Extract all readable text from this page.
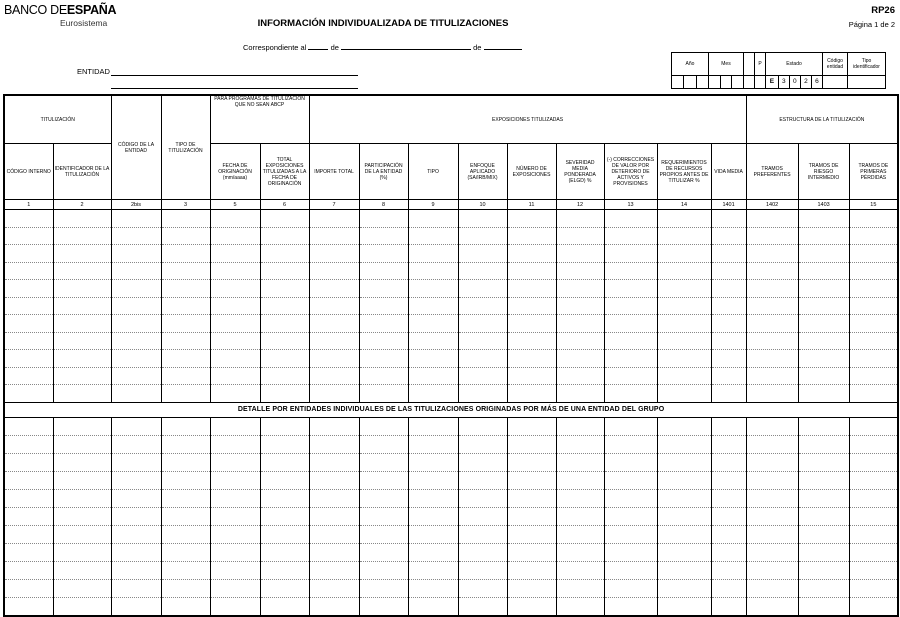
BANCO DEESPAÑA
Eurosistema	INFORMACIÓN INDIVIDUALIZADA DE TITULIZACIONES
RP26
Página 1 de 2
Correspondiente al	de	de
ENTIDAD
Año			Mes				P	Estado					Código entidad	Tipo identificador
								E	3	0	2	6		
TITULIZACIÓN		CÓDIGO DE LA ENTIDAD	TIPO DE TITULIZACIÓN	PARA PROGRAMAS DE TITULIZACIÓN QUE NO SEAN ABCP		EXPOSICIONES TITULIZADAS									ESTRUCTURA DE LA TITULIZACIÓN		
CÓDIGO INTERNO	IDENTIFICADOR DE LA TITULIZACIÓN			FECHA DE ORIGINACIÓN (mm/aaaa)	TOTAL EXPOSICIONES TITULIZADAS A LA FECHA DE ORIGINACIÓN	IMPORTE TOTAL	PARTICIPACIÓN DE LA ENTIDAD (%)	TIPO	ENFOQUE APLICADO (SA/IRB/MIX)	NÚMERO DE EXPOSICIONES	SEVERIDAD MEDIA PONDERADA (ELGD) %	(-) CORRECCIONES DE VALOR POR DETERIORO DE ACTIVOS Y PROVISIONES	REQUERIMIENTOS DE RECURSOS PROPIOS ANTES DE TITULIZAR %	VIDA MEDIA	TRAMOS PREFERENTES	TRAMOS DE RIESGO INTERMEDIO	TRAMOS DE PRIMERAS PÉRDIDAS
1	2	2bis	3	5	6	7	8	9	10	11	12	13	14	1401	1402	1403	15

DETALLE POR ENTIDADES INDIVIDUALES DE LAS TITULIZACIONES ORIGINADAS POR MÁS DE UNA ENTIDAD DEL GRUPO																	
